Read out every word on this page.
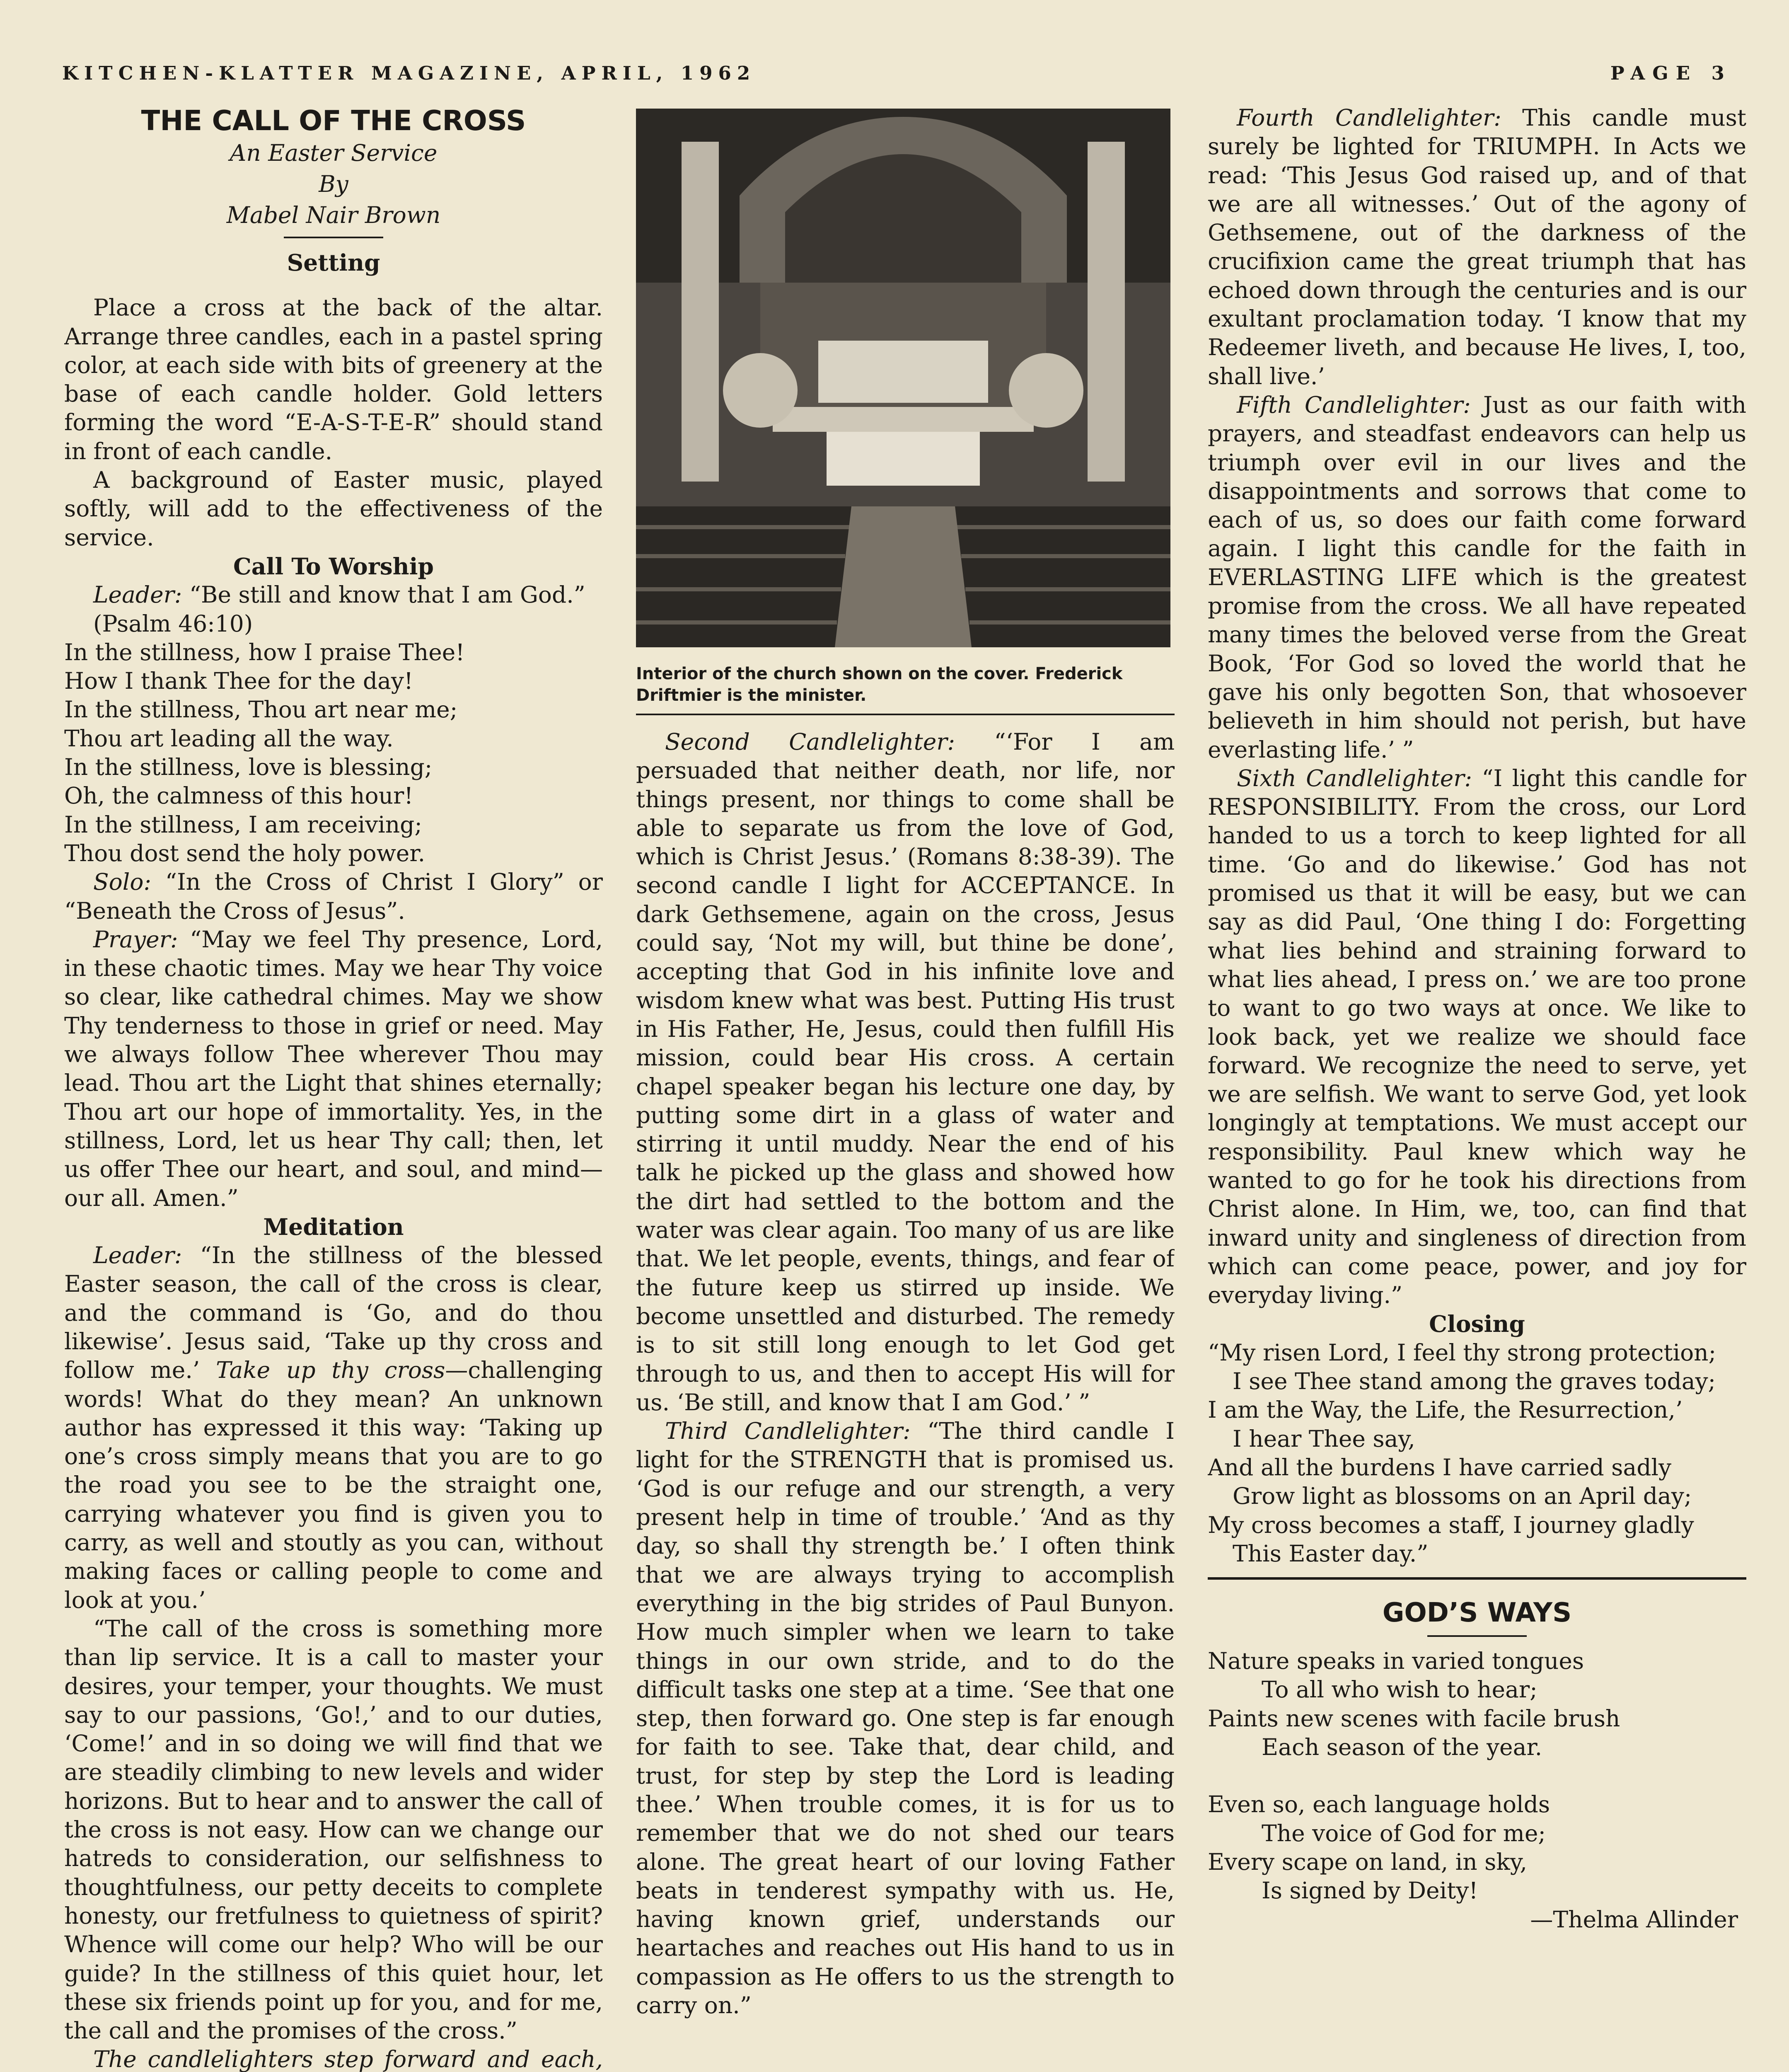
KITCHEN-KLATTER MAGAZINE, APRIL, 1962	PAGE 3
THE CALL OF THE CROSS
An Easter Service
By
Mabel Nair Brown
Setting

Place a cross at the back of the altar. Arrange three candles, each in a pastel spring color, at each side with bits of greenery at the base of each candle holder. Gold letters forming the word “E-A-S-T-E-R” should stand in front of each candle.

A background of Easter music, played softly, will add to the effectiveness of the service.

Call To Worship

Leader: “Be still and know that I am God.” (Psalm 46:10)

In the stillness, how I praise Thee!

How I thank Thee for the day!

In the stillness, Thou art near me;

Thou art leading all the way.

In the stillness, love is blessing;

Oh, the calmness of this hour!

In the stillness, I am receiving;

Thou dost send the holy power.

Solo: “In the Cross of Christ I Glory” or “Beneath the Cross of Jesus”.

Prayer: “May we feel Thy presence, Lord, in these chaotic times. May we hear Thy voice so clear, like cathedral chimes. May we show Thy tenderness to those in grief or need. May we always follow Thee wherever Thou may lead. Thou art the Light that shines eternally; Thou art our hope of immortality. Yes, in the stillness, Lord, let us hear Thy call; then, let us offer Thee our heart, and soul, and mind—our all. Amen.”

Meditation

Leader: “In the stillness of the blessed Easter season, the call of the cross is clear, and the command is ‘Go, and do thou likewise’. Jesus said, ‘Take up thy cross and follow me.’ Take up thy cross—challenging words! What do they mean? An unknown author has expressed it this way: ‘Taking up one’s cross simply means that you are to go the road you see to be the straight one, carrying whatever you find is given you to carry, as well and stoutly as you can, without making faces or calling people to come and look at you.’

“The call of the cross is something more than lip service. It is a call to master your desires, your temper, your thoughts. We must say to our passions, ‘Go!,’ and to our duties, ‘Come!’ and in so doing we will find that we are steadily climbing to new levels and wider horizons. But to hear and to answer the call of the cross is not easy. How can we change our hatreds to consideration, our selfishness to thoughtfulness, our petty deceits to complete honesty, our fretfulness to quietness of spirit? Whence will come our help? Who will be our guide? In the stillness of this quiet hour, let these six friends point up for you, and for me, the call and the promises of the cross.”

The candlelighters step forward and each,

Interior of the church shown on the cover. Frederick Driftmier is the minister.

Second Candlelighter: “‘For I am persuaded that neither death, nor life, nor things present, nor things to come shall be able to separate us from the love of God, which is Christ Jesus.’ (Romans 8:38-39). The second candle I light for ACCEPTANCE. In dark Gethsemene, again on the cross, Jesus could say, ‘Not my will, but thine be done’, accepting that God in his infinite love and wisdom knew what was best. Putting His trust in His Father, He, Jesus, could then fulfill His mission, could bear His cross. A certain chapel speaker began his lecture one day, by putting some dirt in a glass of water and stirring it until muddy. Near the end of his talk he picked up the glass and showed how the dirt had settled to the bottom and the water was clear again. Too many of us are like that. We let people, events, things, and fear of the future keep us stirred up inside. We become unsettled and disturbed. The remedy is to sit still long enough to let God get through to us, and then to accept His will for us. ‘Be still, and know that I am God.’ ”

Third Candlelighter: “The third candle I light for the STRENGTH that is promised us. ‘God is our refuge and our strength, a very present help in time of trouble.’ ‘And as thy day, so shall thy strength be.’ I often think that we are always trying to accomplish everything in the big strides of Paul Bunyon. How much simpler when we learn to take things in our own stride, and to do the difficult tasks one step at a time. ‘See that one step, then forward go. One step is far enough for faith to see. Take that, dear child, and trust, for step by step the Lord is leading thee.’ When trouble comes, it is for us to remember that we do not shed our tears alone. The great heart of our loving Father beats in tenderest sympathy with us. He, having known grief, understands our heartaches and reaches out His hand to us in compassion as He offers to us the strength to carry on.”

Fourth Candlelighter: This candle must surely be lighted for TRIUMPH. In Acts we read: ‘This Jesus God raised up, and of that we are all witnesses.’ Out of the agony of Gethsemene, out of the darkness of the crucifixion came the great triumph that has echoed down through the centuries and is our exultant proclamation today. ‘I know that my Redeemer liveth, and because He lives, I, too, shall live.’

Fifth Candlelighter: Just as our faith with prayers, and steadfast endeavors can help us triumph over evil in our lives and the disappointments and sorrows that come to each of us, so does our faith come forward again. I light this candle for the faith in EVERLASTING LIFE which is the greatest promise from the cross. We all have repeated many times the beloved verse from the Great Book, ‘For God so loved the world that he gave his only begotten Son, that whosoever believeth in him should not perish, but have everlasting life.’ ”

Sixth Candlelighter: “I light this candle for RESPONSIBILITY. From the cross, our Lord handed to us a torch to keep lighted for all time. ‘Go and do likewise.’ God has not promised us that it will be easy, but we can say as did Paul, ‘One thing I do: Forgetting what lies behind and straining forward to what lies ahead, I press on.’ we are too prone to want to go two ways at once. We like to look back, yet we realize we should face forward. We recognize the need to serve, yet we are selfish. We want to serve God, yet look longingly at temptations. We must accept our responsibility. Paul knew which way he wanted to go for he took his directions from Christ alone. In Him, we, too, can find that inward unity and singleness of direction from which can come peace, power, and joy for everyday living.”

Closing

“My risen Lord, I feel thy strong protection;

I see Thee stand among the graves today;

I am the Way, the Life, the Resurrection,’

I hear Thee say,

And all the burdens I have carried sadly

Grow light as blossoms on an April day;

My cross becomes a staff, I journey gladly

This Easter day.”

GOD’S WAYS

Nature speaks in varied tongues

To all who wish to hear;

Paints new scenes with facile brush

Each season of the year.

Even so, each language holds

The voice of God for me;

Every scape on land, in sky,

Is signed by Deity!

—Thelma Allinder
